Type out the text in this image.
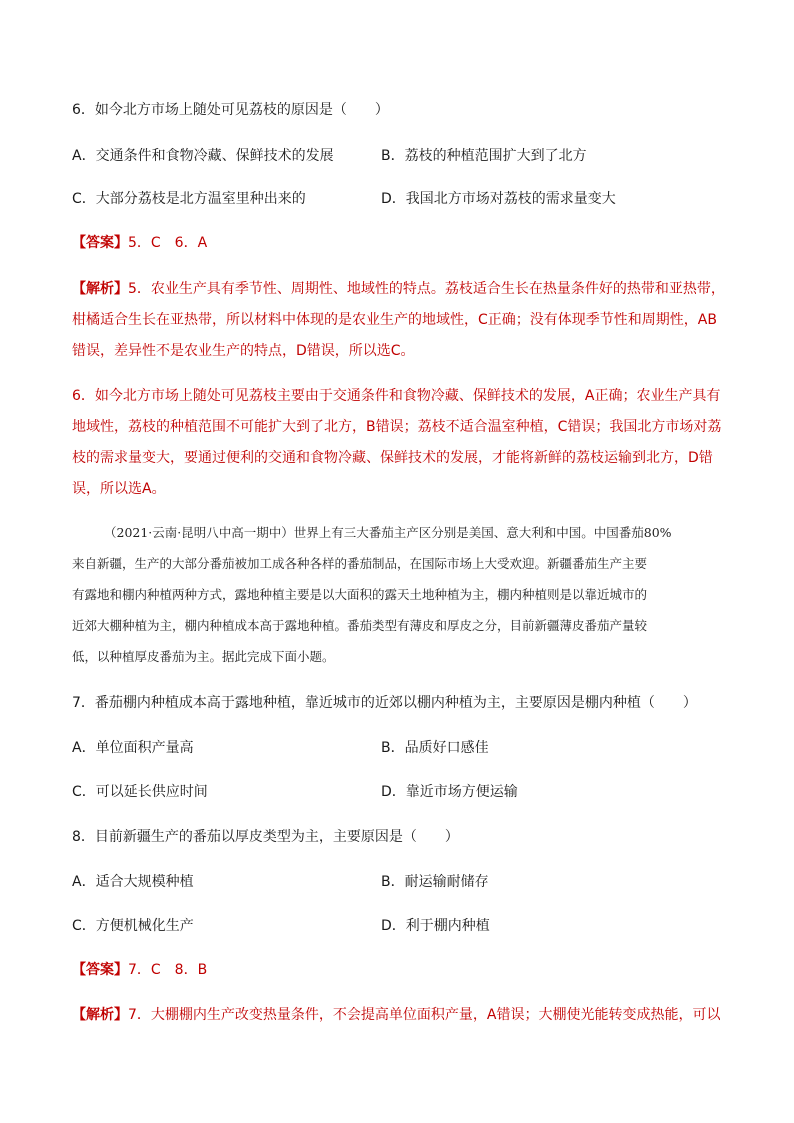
6．如今北方市场上随处可见荔枝的原因是（　　）
A．交通条件和食物冷藏、保鲜技术的发展	B．荔枝的种植范围扩大到了北方
C．大部分荔枝是北方温室里种出来的	D．我国北方市场对荔枝的需求量变大
【答案】5．C　6．A
【解析】5．农业生产具有季节性、周期性、地域性的特点。荔枝适合生长在热量条件好的热带和亚热带，
柑橘适合生长在亚热带，所以材料中体现的是农业生产的地域性，C正确；没有体现季节性和周期性，AB
错误，差异性不是农业生产的特点，D错误，所以选C。
6．如今北方市场上随处可见荔枝主要由于交通条件和食物冷藏、保鲜技术的发展，A正确；农业生产具有
地域性，荔枝的种植范围不可能扩大到了北方，B错误；荔枝不适合温室种植，C错误；我国北方市场对荔
枝的需求量变大，要通过便利的交通和食物冷藏、保鲜技术的发展，才能将新鲜的荔枝运输到北方，D错
误，所以选A。
（2021·云南·昆明八中高一期中）世界上有三大番茄主产区分别是美国、意大利和中国。中国番茄80%
来自新疆，生产的大部分番茄被加工成各种各样的番茄制品，在国际市场上大受欢迎。新疆番茄生产主要
有露地和棚内种植两种方式，露地种植主要是以大面积的露天土地种植为主，棚内种植则是以靠近城市的
近郊大棚种植为主，棚内种植成本高于露地种植。番茄类型有薄皮和厚皮之分，目前新疆薄皮番茄产量较
低，以种植厚皮番茄为主。据此完成下面小题。
7．番茄棚内种植成本高于露地种植，靠近城市的近郊以棚内种植为主，主要原因是棚内种植（　　）
A．单位面积产量高	B．品质好口感佳
C．可以延长供应时间	D．靠近市场方便运输
8．目前新疆生产的番茄以厚皮类型为主，主要原因是（　　）
A．适合大规模种植	B．耐运输耐储存
C．方便机械化生产	D．利于棚内种植
【答案】7．C　8．B
【解析】7．大棚棚内生产改变热量条件，不会提高单位面积产量，A错误；大棚使光能转变成热能，可以
